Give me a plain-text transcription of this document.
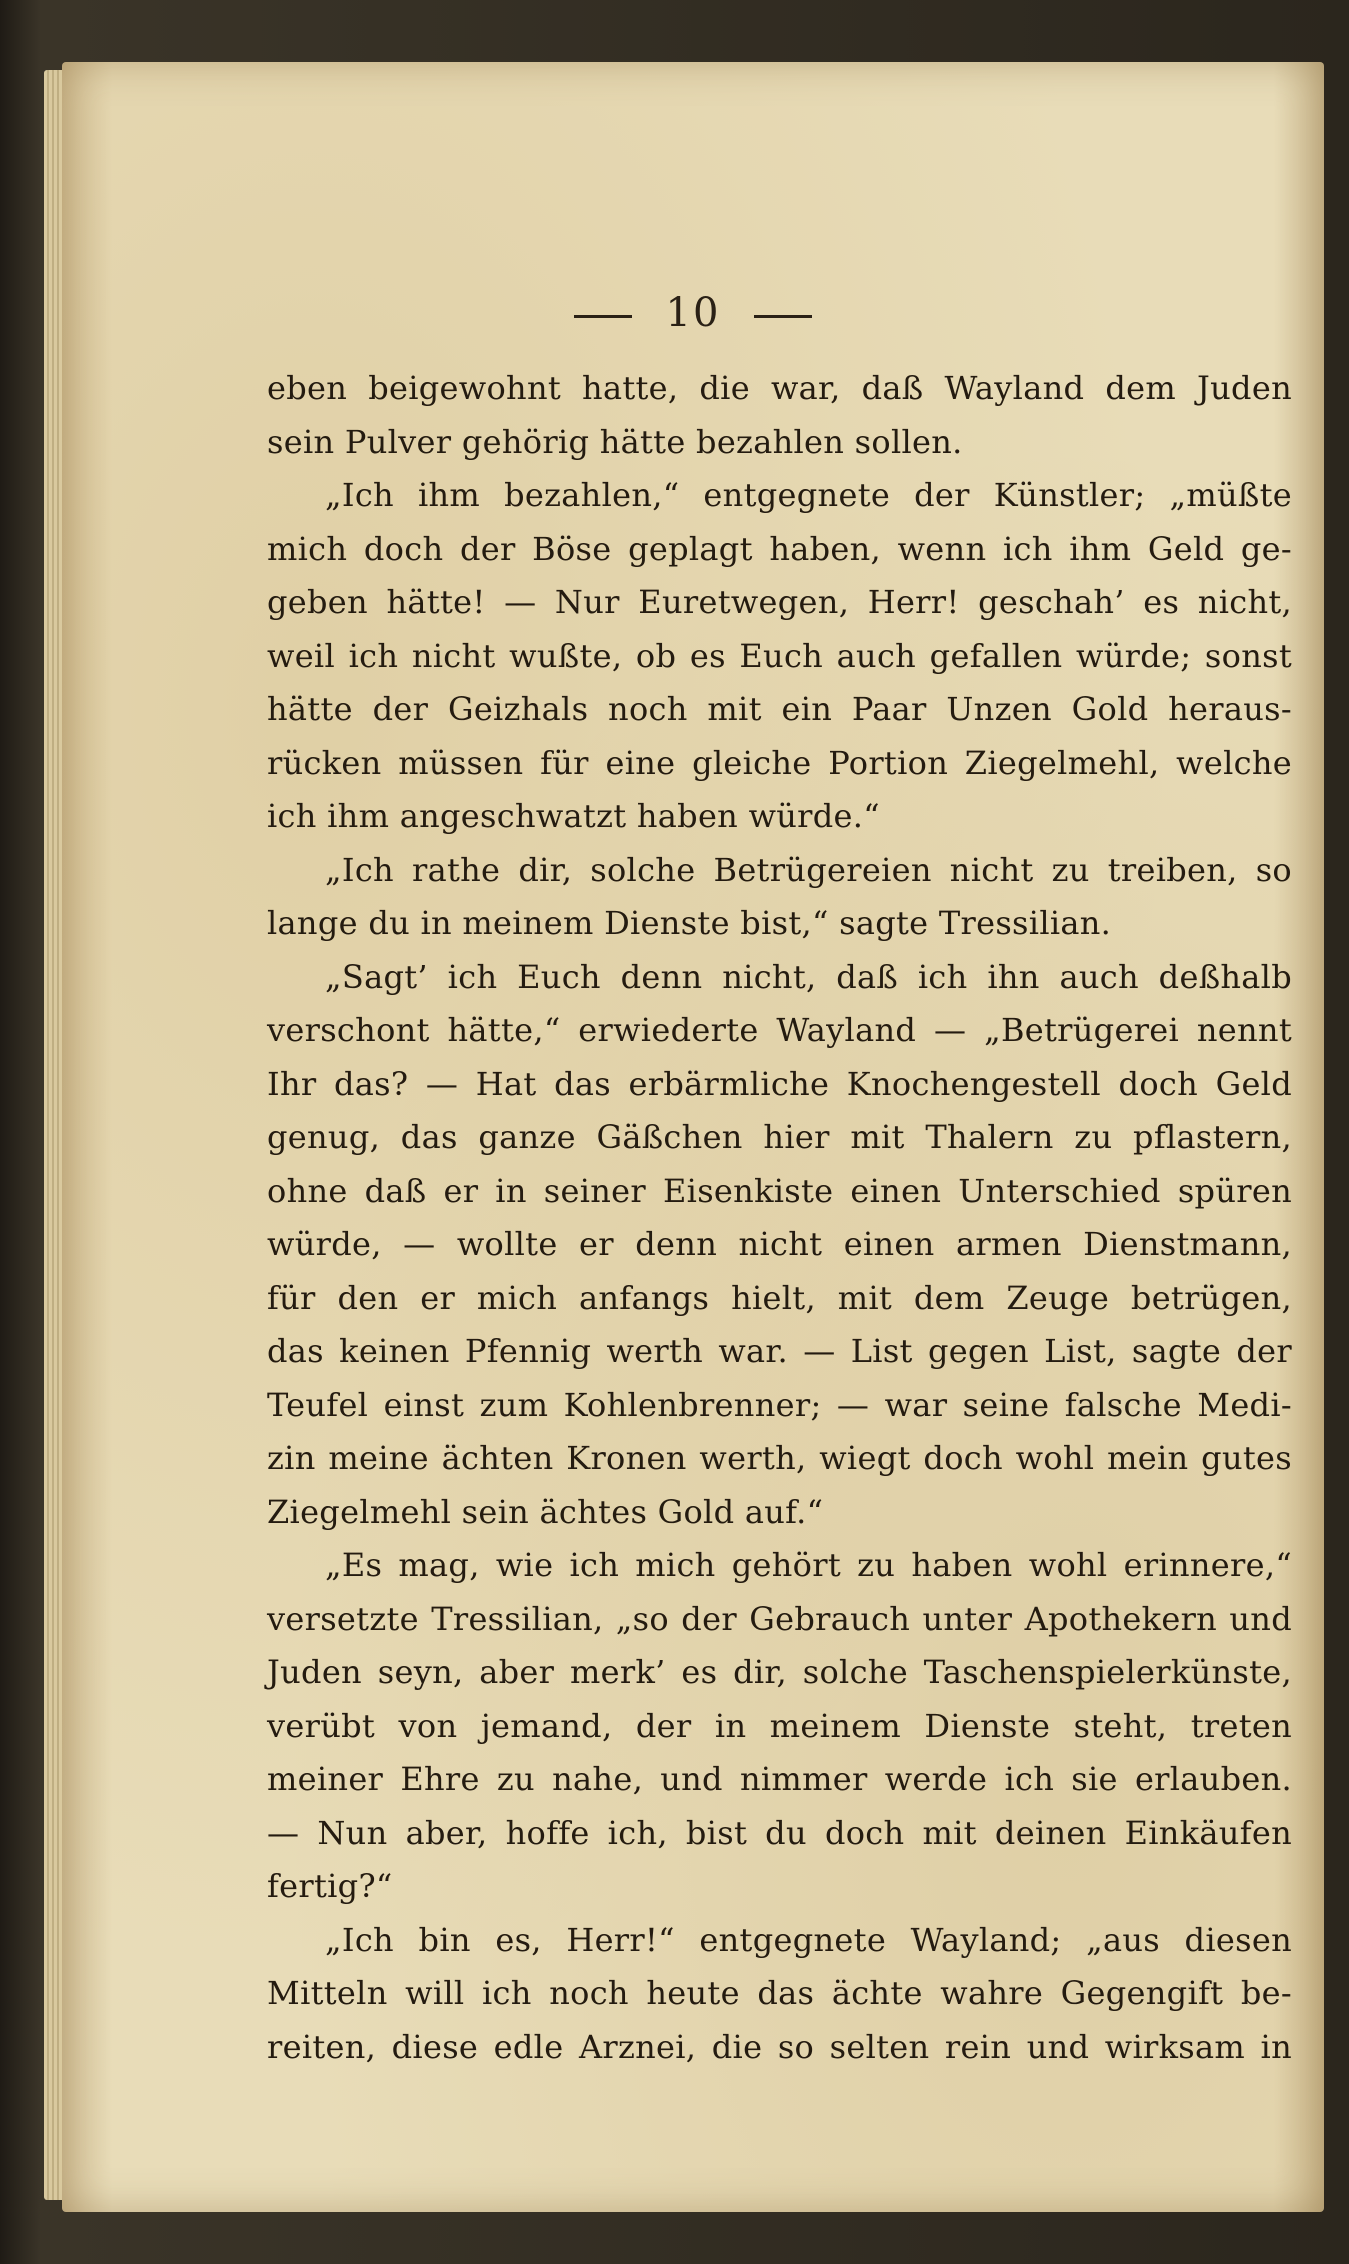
10
eben beigewohnt hatte, die war, daß Wayland dem Juden
sein Pulver gehörig hätte bezahlen sollen.
„Ich ihm bezahlen,“ entgegnete der Künstler; „müßte
mich doch der Böse geplagt haben, wenn ich ihm Geld ge-
geben hätte! — Nur Euretwegen, Herr! geschah’ es nicht,
weil ich nicht wußte, ob es Euch auch gefallen würde; sonst
hätte der Geizhals noch mit ein Paar Unzen Gold heraus-
rücken müssen für eine gleiche Portion Ziegelmehl, welche
ich ihm angeschwatzt haben würde.“
„Ich rathe dir, solche Betrügereien nicht zu treiben, so
lange du in meinem Dienste bist,“ sagte Tressilian.
„Sagt’ ich Euch denn nicht, daß ich ihn auch deßhalb
verschont hätte,“ erwiederte Wayland — „Betrügerei nennt
Ihr das? — Hat das erbärmliche Knochengestell doch Geld
genug, das ganze Gäßchen hier mit Thalern zu pflastern,
ohne daß er in seiner Eisenkiste einen Unterschied spüren
würde, — wollte er denn nicht einen armen Dienstmann,
für den er mich anfangs hielt, mit dem Zeuge betrügen,
das keinen Pfennig werth war. — List gegen List, sagte der
Teufel einst zum Kohlenbrenner; — war seine falsche Medi-
zin meine ächten Kronen werth, wiegt doch wohl mein gutes
Ziegelmehl sein ächtes Gold auf.“
„Es mag, wie ich mich gehört zu haben wohl erinnere,“
versetzte Tressilian, „so der Gebrauch unter Apothekern und
Juden seyn, aber merk’ es dir, solche Taschenspielerkünste,
verübt von jemand, der in meinem Dienste steht, treten
meiner Ehre zu nahe, und nimmer werde ich sie erlauben.
— Nun aber, hoffe ich, bist du doch mit deinen Einkäufen
fertig?“
„Ich bin es, Herr!“ entgegnete Wayland; „aus diesen
Mitteln will ich noch heute das ächte wahre Gegengift be-
reiten, diese edle Arznei, die so selten rein und wirksam in
